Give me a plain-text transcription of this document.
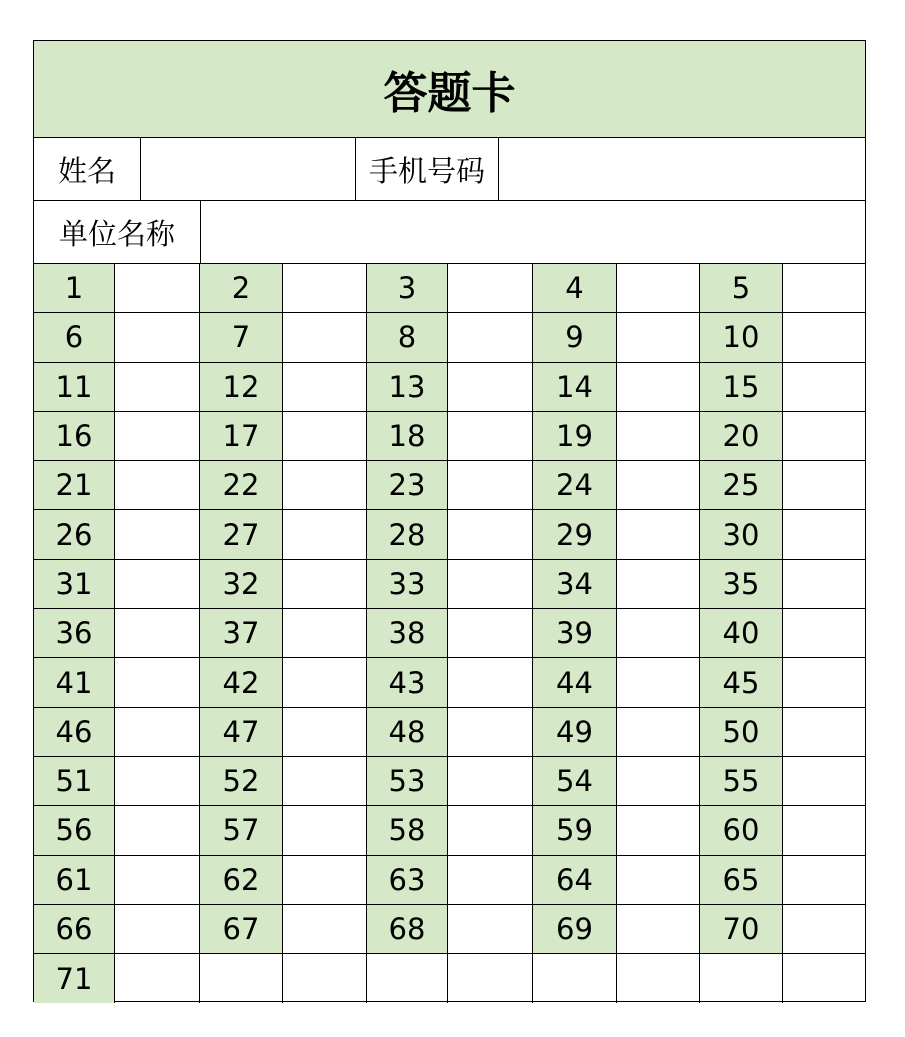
答题卡
姓名	手机号码
单位名称
1	2	3	4	5
6	7	8	9	10
11	12	13	14	15
16	17	18	19	20
21	22	23	24	25
26	27	28	29	30
31	32	33	34	35
36	37	38	39	40
41	42	43	44	45
46	47	48	49	50
51	52	53	54	55
56	57	58	59	60
61	62	63	64	65
66	67	68	69	70
71
